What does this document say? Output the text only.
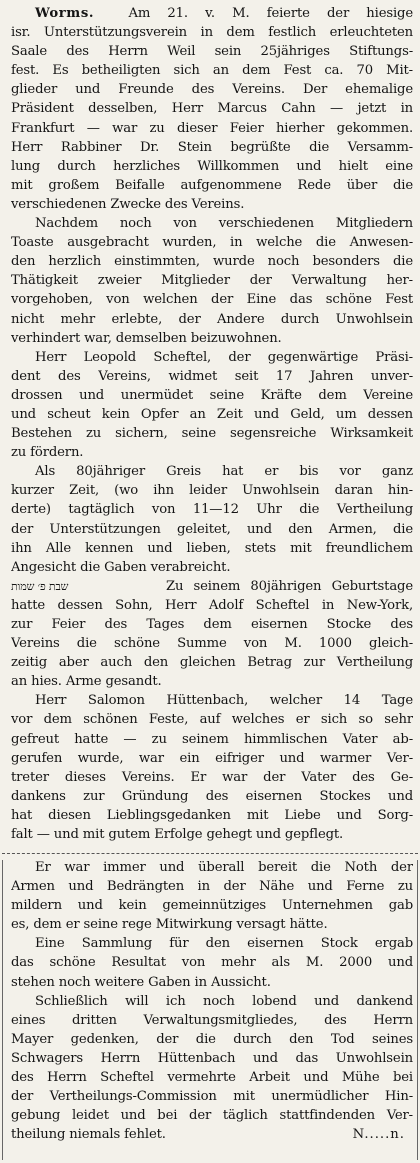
Worms.	Am 21. v. M. feierte der hiesige
isr. Unterstützungsverein in dem festlich erleuchteten
Saale des Herrn Weil sein 25jähriges Stiftungs-
fest. Es betheiligten sich an dem Fest ca. 70 Mit-
glieder und Freunde des Vereins. Der ehemalige
Präsident desselben, Herr Marcus Cahn — jetzt in
Frankfurt — war zu dieser Feier hierher gekommen.
Herr Rabbiner Dr. Stein begrüßte die Versamm-
lung durch herzliches Willkommen und hielt eine
mit großem Beifalle aufgenommene Rede über die
verschiedenen Zwecke des Vereins.
Nachdem noch von verschiedenen Mitgliedern
Toaste ausgebracht wurden, in welche die Anwesen-
den herzlich einstimmten, wurde noch besonders die
Thätigkeit zweier Mitglieder der Verwaltung her-
vorgehoben, von welchen der Eine das schöne Fest
nicht mehr erlebte, der Andere durch Unwohlsein
verhindert war, demselben beizuwohnen.
Herr Leopold Scheftel, der gegenwärtige Präsi-
dent des Vereins, widmet seit 17 Jahren unver-
drossen und unermüdet seine Kräfte dem Vereine
und scheut kein Opfer an Zeit und Geld, um dessen
Bestehen zu sichern, seine segensreiche Wirksamkeit
zu fördern.
Als 80jähriger Greis hat er bis vor ganz
kurzer Zeit, (wo ihn leider Unwohlsein daran hin-
derte) tagtäglich von 11—12 Uhr die Vertheilung
der Unterstützungen geleitet, und den Armen, die
ihn Alle kennen und lieben, stets mit freundlichem
Angesicht die Gaben verabreicht.
Zu seinem 80jährigen Geburtstage
שבת פ׳ שמות
hatte dessen Sohn, Herr Adolf Scheftel in New-York,
zur Feier des Tages dem eisernen Stocke des
Vereins die schöne Summe von M. 1000 gleich-
zeitig aber auch den gleichen Betrag zur Vertheilung
an hies. Arme gesandt.
Herr Salomon Hüttenbach, welcher 14 Tage
vor dem schönen Feste, auf welches er sich so sehr
gefreut hatte — zu seinem himmlischen Vater ab-
gerufen wurde, war ein eifriger und warmer Ver-
treter dieses Vereins. Er war der Vater des Ge-
dankens zur Gründung des eisernen Stockes und
hat diesen Lieblingsgedanken mit Liebe und Sorg-
falt — und mit gutem Erfolge gehegt und gepflegt.
Er war immer und überall bereit die Noth der
Armen und Bedrängten in der Nähe und Ferne zu
mildern und kein gemeinnütziges Unternehmen gab
es, dem er seine rege Mitwirkung versagt hätte.
Eine Sammlung für den eisernen Stock ergab
das schöne Resultat von mehr als M. 2000 und
stehen noch weitere Gaben in Aussicht.
Schließlich will ich noch lobend und dankend
eines dritten Verwaltungsmitgliedes, des Herrn
Mayer gedenken, der die durch den Tod seines
Schwagers Herrn Hüttenbach und das Unwohlsein
des Herrn Scheftel vermehrte Arbeit und Mühe bei
der Vertheilungs-Commission mit unermüdlicher Hin-
gebung leidet und bei der täglich stattfindenden Ver-
theilung niemals fehlet.	N.....n.
